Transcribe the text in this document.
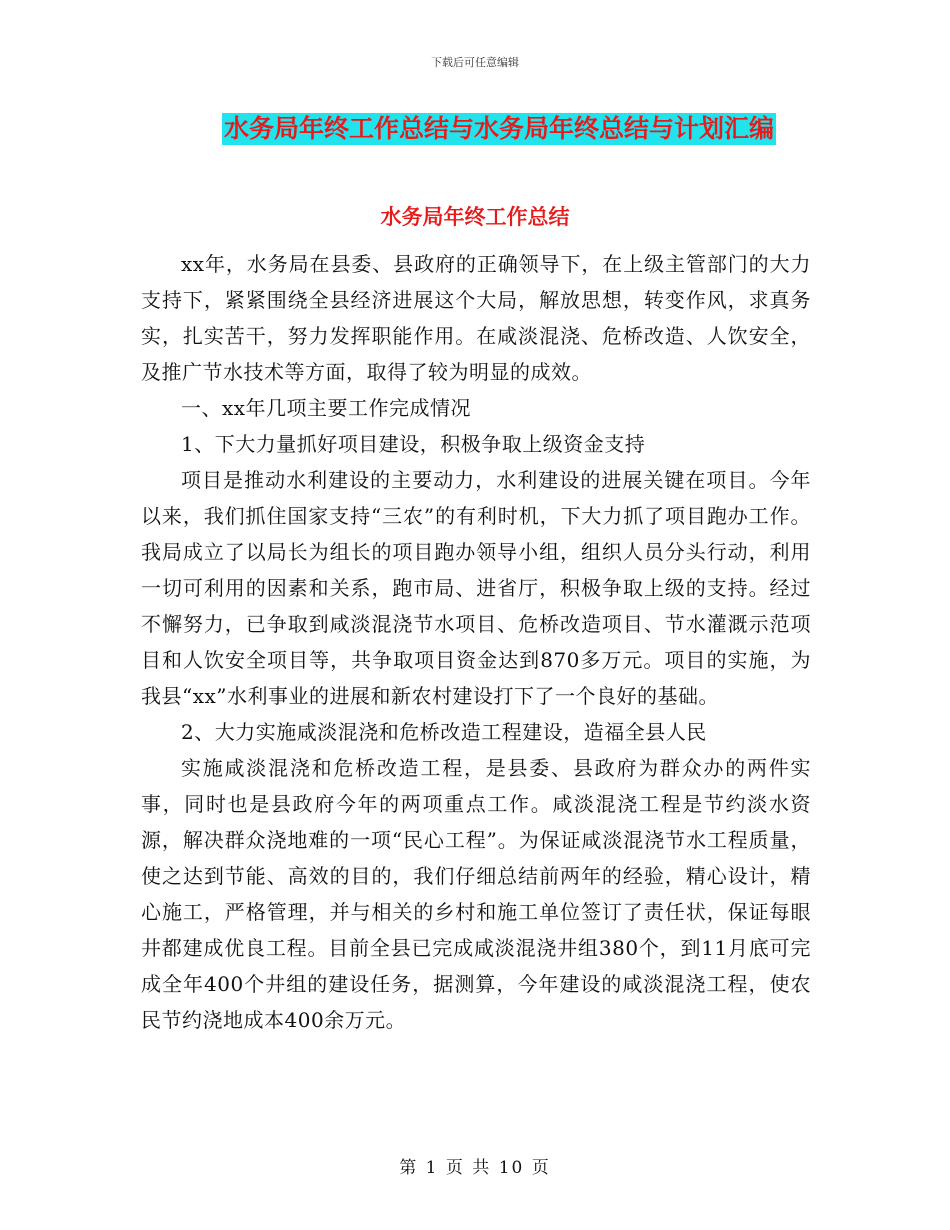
下载后可任意编辑
水务局年终工作总结与水务局年终总结与计划汇编
水务局年终工作总结

xx年，水务局在县委、县政府的正确领导下，在上级主管部门的大力支持下，紧紧围绕全县经济进展这个大局，解放思想，转变作风，求真务实，扎实苦干，努力发挥职能作用。在咸淡混浇、危桥改造、人饮安全，及推广节水技术等方面，取得了较为明显的成效。

一、xx年几项主要工作完成情况

1、下大力量抓好项目建设，积极争取上级资金支持

项目是推动水利建设的主要动力，水利建设的进展关键在项目。今年以来，我们抓住国家支持“三农”的有利时机，下大力抓了项目跑办工作。我局成立了以局长为组长的项目跑办领导小组，组织人员分头行动，利用一切可利用的因素和关系，跑市局、进省厅，积极争取上级的支持。经过不懈努力，已争取到咸淡混浇节水项目、危桥改造项目、节水灌溉示范项目和人饮安全项目等，共争取项目资金达到870多万元。项目的实施，为我县“xx”水利事业的进展和新农村建设打下了一个良好的基础。

2、大力实施咸淡混浇和危桥改造工程建设，造福全县人民

实施咸淡混浇和危桥改造工程，是县委、县政府为群众办的两件实事，同时也是县政府今年的两项重点工作。咸淡混浇工程是节约淡水资源，解决群众浇地难的一项“民心工程”。为保证咸淡混浇节水工程质量，使之达到节能、高效的目的，我们仔细总结前两年的经验，精心设计，精心施工，严格管理，并与相关的乡村和施工单位签订了责任状，保证每眼井都建成优良工程。目前全县已完成咸淡混浇井组380个，到11月底可完成全年400个井组的建设任务，据测算，今年建设的咸淡混浇工程，使农民节约浇地成本400余万元。

第 1 页 共 10 页
